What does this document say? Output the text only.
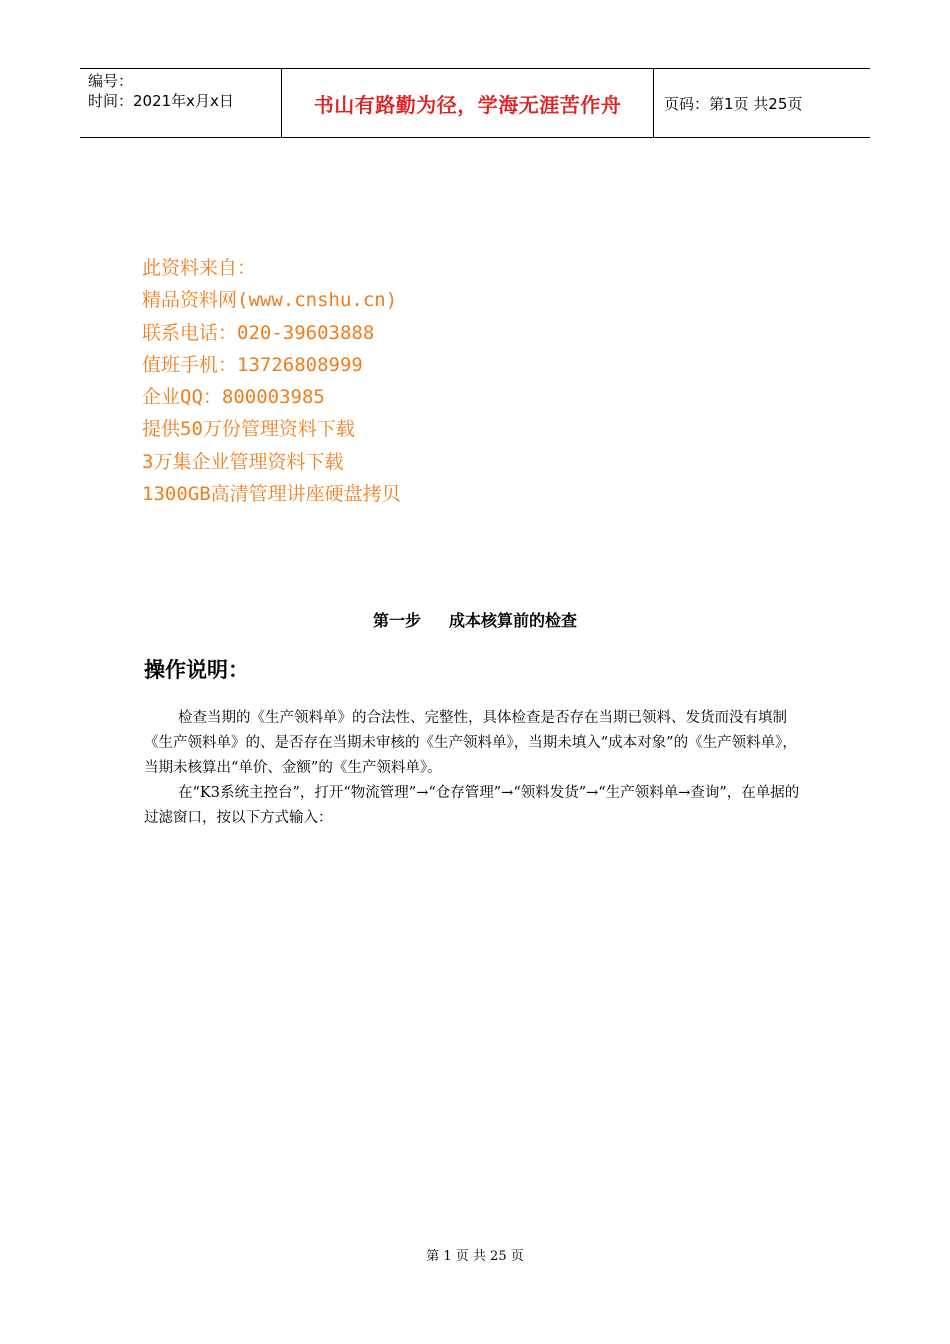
编号：
时间：2021年x月x日	书山有路勤为径，学海无涯苦作舟	页码：第1页 共25页
此资料来自：
精品资料网(www.cnshu.cn)
联系电话：020-39603888
值班手机：13726808999
企业QQ：800003985
提供50万份管理资料下载
3万集企业管理资料下载
1300GB高清管理讲座硬盘拷贝
第一步 成本核算前的检查
操作说明：

检查当期的《生产领料单》的合法性、完整性，具体检查是否存在当期已领料、发货而没有填制《生产领料单》的、是否存在当期未审核的《生产领料单》，当期未填入“成本对象”的《生产领料单》，当期未核算出“单价、金额”的《生产领料单》。

在“K3系统主控台”，打开“物流管理”→“仓存管理”→“领料发货”→“生产领料单→查询”，在单据的过滤窗口，按以下方式输入：

第 1 页 共 25 页
